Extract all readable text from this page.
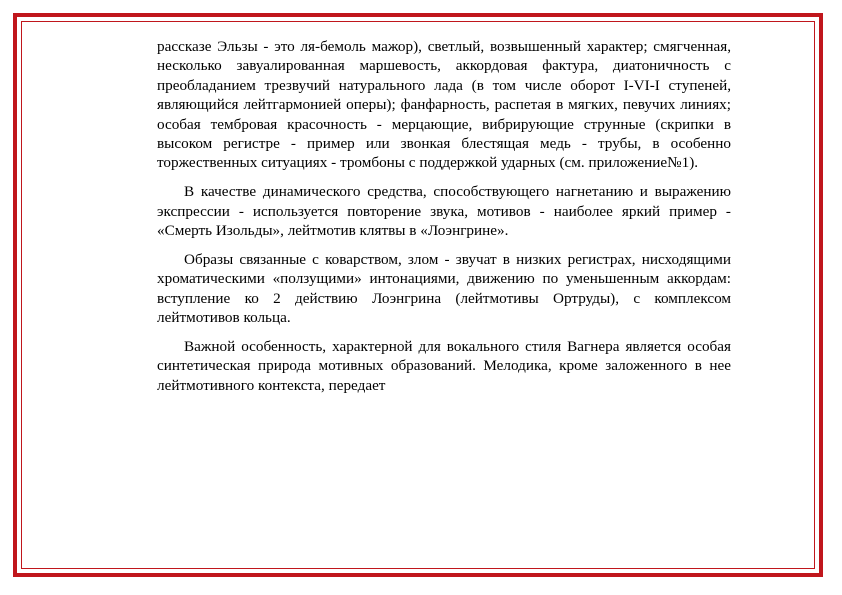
рассказе Эльзы - это ля-бемоль мажор), светлый, возвышенный характер; смягченная, несколько завуалированная маршевость, аккордовая фактура, диатоничность с преобладанием трезвучий натурального лада (в том числе оборот I-VI-I ступеней, являющийся лейтгармонией оперы); фанфарность, распетая в мягких, певучих линиях; особая тембровая красочность - мерцающие, вибрирующие струнные (скрипки в высоком регистре - пример или звонкая блестящая медь - трубы, в особенно торжественных ситуациях - тромбоны с поддержкой ударных (см. приложение№1).

В качестве динамического средства, способствующего нагнетанию и выражению экспрессии - используется повторение звука, мотивов - наиболее яркий пример - «Смерть Изольды», лейтмотив клятвы в «Лоэнгрине».

Образы связанные с коварством, злом - звучат в низких регистрах, нисходящими хроматическими «ползущими» интонациями, движению по уменьшенным аккордам: вступление ко 2 действию Лоэнгрина (лейтмотивы Ортруды), с комплексом лейтмотивов кольца.

Важной особенность, характерной для вокального стиля Вагнера является особая синтетическая природа мотивных образований. Мелодика, кроме заложенного в нее лейтмотивного контекста, передает
